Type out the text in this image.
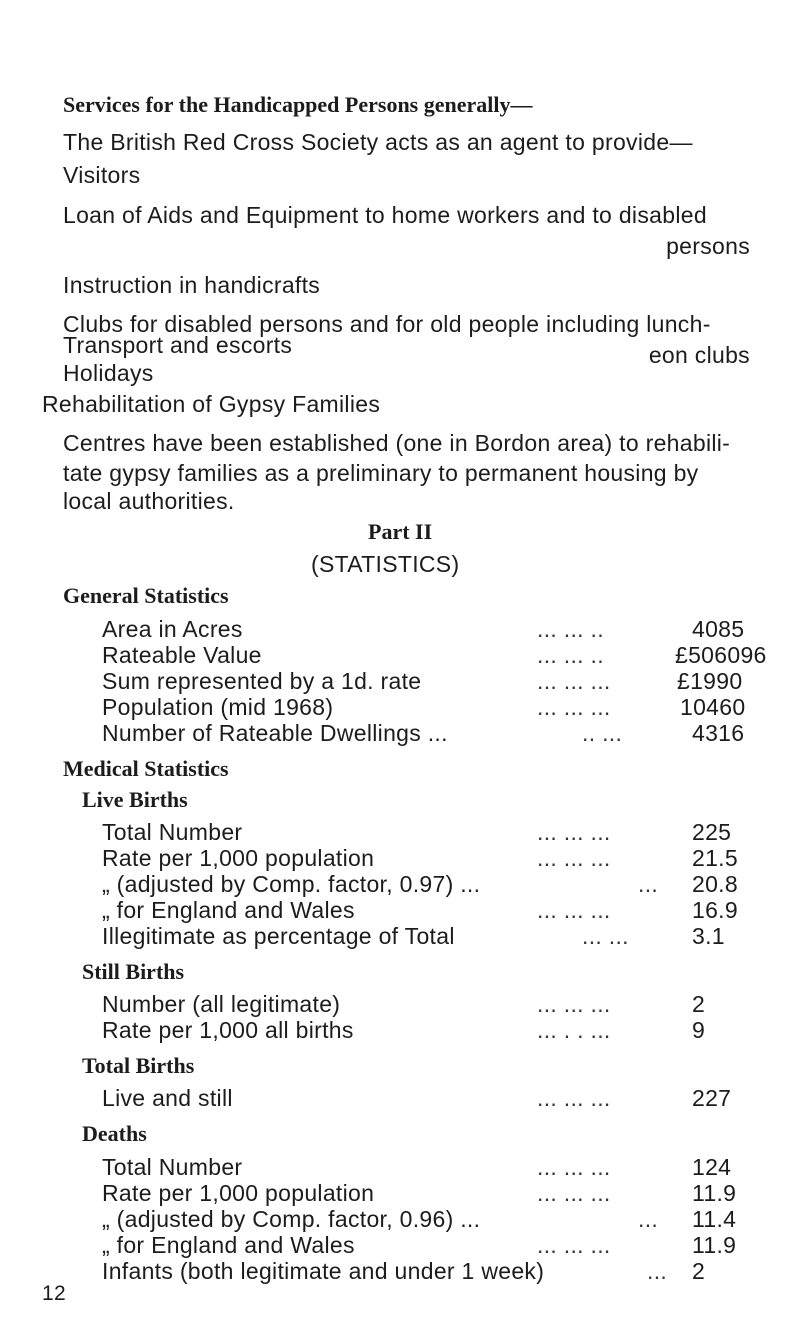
Services for the Handicapped Persons generally—
The British Red Cross Society acts as an agent to provide—
Visitors
Loan of Aids and Equipment to home workers and to disabled
persons
Instruction in handicrafts
Clubs for disabled persons and for old people including lunch-
eon clubs
Transport and escorts
Holidays
Rehabilitation of Gypsy Families
Centres have been established (one in Bordon area) to rehabili-
tate gypsy families as a preliminary to permanent housing by
local authorities.
Part II
(STATISTICS)
General Statistics
Area in Acres	... ... ..	4085
Rateable Value	... ... ..	£506096
Sum represented by a 1d. rate	... ... ...	£1990
Population (mid 1968)	... ... ...	10460
Number of Rateable Dwellings ...	.. ...	4316
Medical Statistics
Live Births
Total Number	... ... ...	225
Rate per 1,000 population	... ... ...	21.5
„ (adjusted by Comp. factor, 0.97) ...	... 20.8
„ for England and Wales	... ... ...	16.9
Illegitimate as percentage of Total	... ...	3.1
Still Births
Number (all legitimate)	... ... ...	2
Rate per 1,000 all births	... . . ...	9
Total Births
Live and still	... ... ...	227
Deaths
Total Number	... ... ...	124
Rate per 1,000 population	... ... ...	11.9
„ (adjusted by Comp. factor, 0.96) ...	... 11.4
„ for England and Wales	... ... ...	11.9
Infants (both legitimate and under 1 week)	... 2
12
